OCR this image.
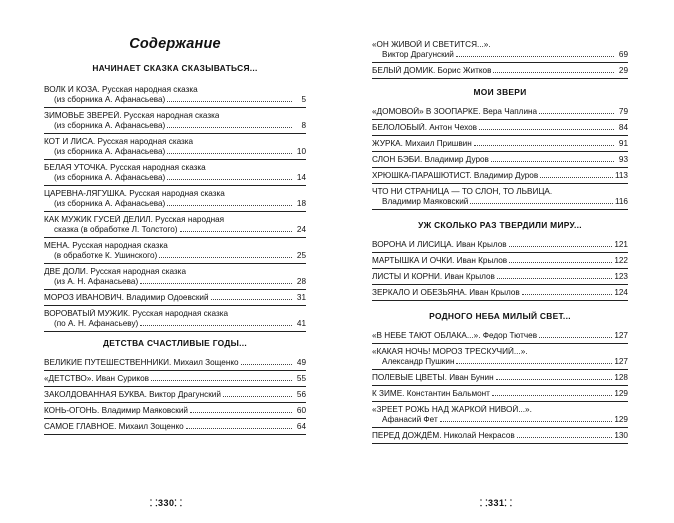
Содержание
НАЧИНАЕТ СКАЗКА СКАЗЫВАТЬСЯ...
ВОЛК И КОЗА. Русская народная сказка
(из сборника А. Афанасьева)	5
ЗИМОВЬЕ ЗВЕРЕЙ. Русская народная сказка
(из сборника А. Афанасьева)	8
КОТ И ЛИСА. Русская народная сказка
(из сборника А. Афанасьева)	10
БЕЛАЯ УТОЧКА. Русская народная сказка
(из сборника А. Афанасьева)	14
ЦАРЕВНА-ЛЯГУШКА. Русская народная сказка
(из сборника А. Афанасьева)	18
КАК МУЖИК ГУСЕЙ ДЕЛИЛ. Русская народная
сказка (в обработке Л. Толстого)	24
МЕНА. Русская народная сказка
(в обработке К. Ушинского)	25
ДВЕ ДОЛИ. Русская народная сказка
(из А. Н. Афанасьева)	28
МОРОЗ ИВАНОВИЧ. Владимир Одоевский	31
ВОРОВАТЫЙ МУЖИК. Русская народная сказка
(по А. Н. Афанасьеву)	41
ДЕТСТВА СЧАСТЛИВЫЕ ГОДЫ...
ВЕЛИКИЕ ПУТЕШЕСТВЕННИКИ. Михаил Зощенко	49
«ДЕТСТВО». Иван Суриков	55
ЗАКОЛДОВАННАЯ БУКВА. Виктор Драгунский	56
КОНЬ-ОГОНЬ. Владимир Маяковский	60
САМОЕ ГЛАВНОЕ. Михаил Зощенко	64
⸬330⸬
«ОН ЖИВОЙ И СВЕТИТСЯ...».
Виктор Драгунский	69
БЕЛЫЙ ДОМИК. Борис Житков	29
МОИ ЗВЕРИ
«ДОМОВОЙ» В ЗООПАРКЕ. Вера Чаплина	79
БЕЛОЛОБЫЙ. Антон Чехов	84
ЖУРКА. Михаил Пришвин	91
СЛОН БЭБИ. Владимир Дуров	93
ХРЮШКА-ПАРАШЮТИСТ. Владимир Дуров	113
ЧТО НИ СТРАНИЦА — ТО СЛОН, ТО ЛЬВИЦА.
Владимир Маяковский	116
УЖ СКОЛЬКО РАЗ ТВЕРДИЛИ МИРУ...
ВОРОНА И ЛИСИЦА. Иван Крылов	121
МАРТЫШКА И ОЧКИ. Иван Крылов	122
ЛИСТЫ И КОРНИ. Иван Крылов	123
ЗЕРКАЛО И ОБЕЗЬЯНА. Иван Крылов	124
РОДНОГО НЕБА МИЛЫЙ СВЕТ...
«В НЕБЕ ТАЮТ ОБЛАКА...». Федор Тютчев	127
«КАКАЯ НОЧЬ! МОРОЗ ТРЕСКУЧИЙ...».
Александр Пушкин	127
ПОЛЕВЫЕ ЦВЕТЫ. Иван Бунин	128
К ЗИМЕ. Константин Бальмонт	129
«ЗРЕЕТ РОЖЬ НАД ЖАРКОЙ НИВОЙ...».
Афанасий Фет	129
ПЕРЕД ДОЖДЁМ. Николай Некрасов	130
⸬331⸬
